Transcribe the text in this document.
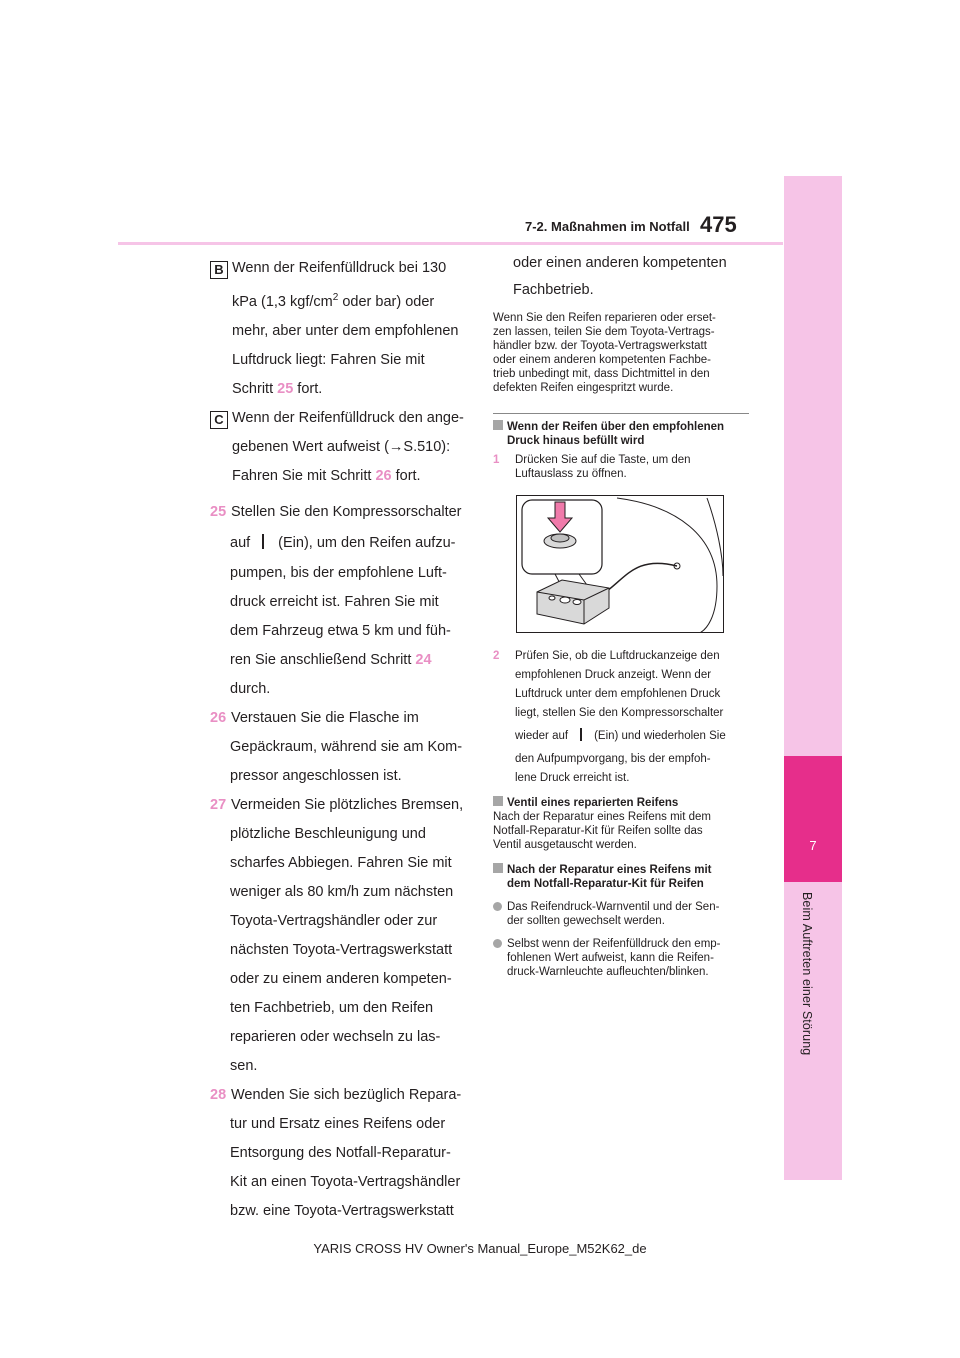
7-2. Maßnahmen im Notfall 475
7
Beim Auftreten einer Störung
B Wenn der Reifenfülldruck bei 130
kPa (1,3 kgf/$cm^2$ oder bar) oder
mehr, aber unter dem empfohlenen
Luftdruck liegt: Fahren Sie mit
Schritt 25 fort.
C Wenn der Reifenfülldruck den ange-
gebenen Wert aufweist (→S.510):
Fahren Sie mit Schritt 26 fort.
25 Stellen Sie den Kompressorschalter
auf (Ein), um den Reifen aufzu-
pumpen, bis der empfohlene Luft-
druck erreicht ist. Fahren Sie mit
dem Fahrzeug etwa 5 km und füh-
ren Sie anschließend Schritt 24
durch.
26 Verstauen Sie die Flasche im
Gepäckraum, während sie am Kom-
pressor angeschlossen ist.
27 Vermeiden Sie plötzliches Bremsen,
plötzliche Beschleunigung und
scharfes Abbiegen. Fahren Sie mit
weniger als 80 km/h zum nächsten
Toyota-Vertragshändler oder zur
nächsten Toyota-Vertragswerkstatt
oder zu einem anderen kompeten-
ten Fachbetrieb, um den Reifen
reparieren oder wechseln zu las-
sen.
28 Wenden Sie sich bezüglich Repara-
tur und Ersatz eines Reifens oder
Entsorgung des Notfall-Reparatur-
Kit an einen Toyota-Vertragshändler
bzw. eine Toyota-Vertragswerkstatt
oder einen anderen kompetenten
Fachbetrieb.
Wenn Sie den Reifen reparieren oder erset-
zen lassen, teilen Sie dem Toyota-Vertrags-
händler bzw. der Toyota-Vertragswerkstatt
oder einem anderen kompetenten Fachbe-
trieb unbedingt mit, dass Dichtmittel in den
defekten Reifen eingespritzt wurde.
Wenn der Reifen über den empfohlenen
Druck hinaus befüllt wird
1 Drücken Sie auf die Taste, um den
Luftauslass zu öffnen.
2 Prüfen Sie, ob die Luftdruckanzeige den
empfohlenen Druck anzeigt. Wenn der
Luftdruck unter dem empfohlenen Druck
liegt, stellen Sie den Kompressorschalter
wieder auf (Ein) und wiederholen Sie
den Aufpumpvorgang, bis der empfoh-
lene Druck erreicht ist.
Ventil eines reparierten Reifens
Nach der Reparatur eines Reifens mit dem
Notfall-Reparatur-Kit für Reifen sollte das
Ventil ausgetauscht werden.
Nach der Reparatur eines Reifens mit
dem Notfall-Reparatur-Kit für Reifen
Das Reifendruck-Warnventil und der Sen-
der sollten gewechselt werden.
Selbst wenn der Reifenfülldruck den emp-
fohlenen Wert aufweist, kann die Reifen-
druck-Warnleuchte aufleuchten/blinken.
YARIS CROSS HV Owner's Manual_Europe_M52K62_de
